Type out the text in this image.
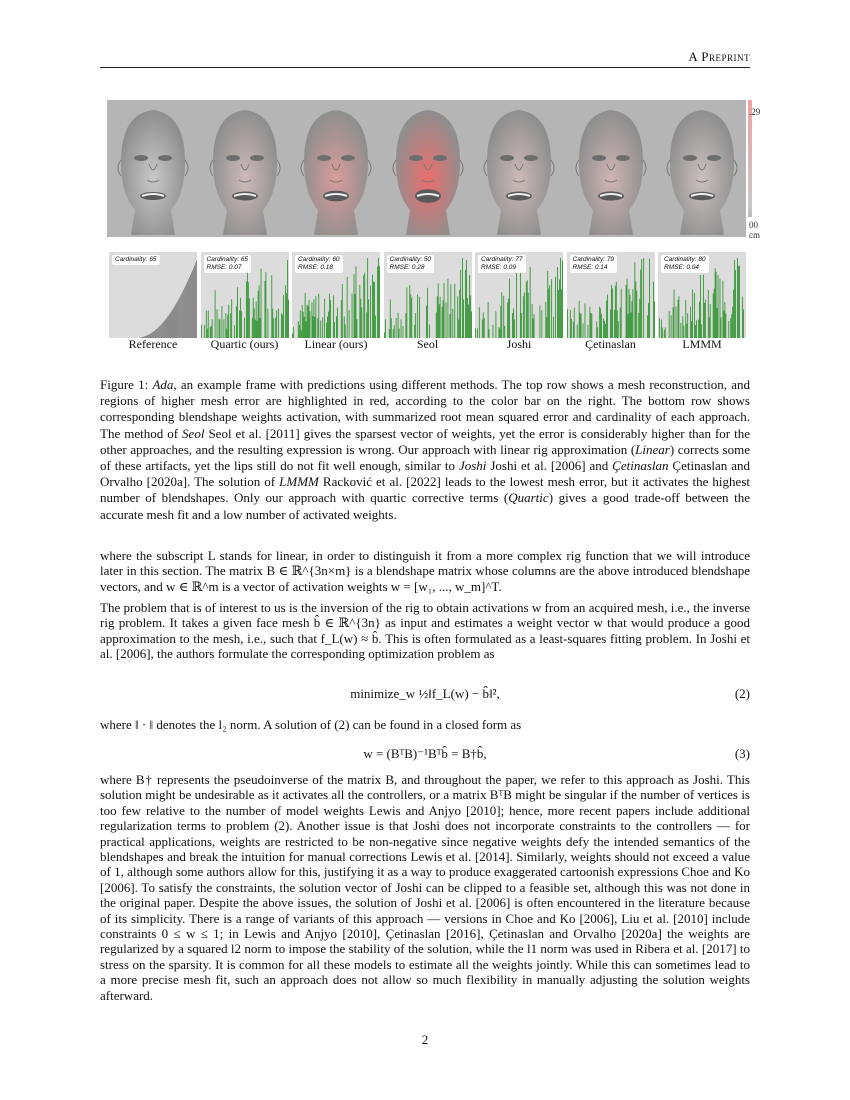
A Preprint
.29
00
cm
Cardinality: 65
Reference
Cardinality: 65
RMSE: 0.07
Quartic (ours)
Cardinality: 60
RMSE: 0.18
Linear (ours)
Cardinality: 50
RMSE: 0.28
Seol
Cardinality: 77
RMSE: 0.09
Joshi
Cardinality: 79
RMSE: 0.14
Çetinaslan
Cardinality: 80
RMSE: 0.04
LMMM
Figure 1: Ada, an example frame with predictions using different methods. The top row shows a mesh reconstruction, and regions of higher mesh error are highlighted in red, according to the color bar on the right. The bottom row shows corresponding blendshape weights activation, with summarized root mean squared error and cardinality of each approach. The method of Seol Seol et al. [2011] gives the sparsest vector of weights, yet the error is considerably higher than for the other approaches, and the resulting expression is wrong. Our approach with linear rig approximation (Linear) corrects some of these artifacts, yet the lips still do not fit well enough, similar to Joshi Joshi et al. [2006] and Çetinaslan Çetinaslan and Orvalho [2020a]. The solution of LMMM Racković et al. [2022] leads to the lowest mesh error, but it activates the highest number of blendshapes. Only our approach with quartic corrective terms (Quartic) gives a good trade-off between the accurate mesh fit and a low number of activated weights.
where the subscript L stands for linear, in order to distinguish it from a more complex rig function that we will introduce later in this section. The matrix B ∈ ℝ^{3n×m} is a blendshape matrix whose columns are the above introduced blendshape vectors, and w ∈ ℝ^m is a vector of activation weights w = [w₁, ..., w_m]^T.
The problem that is of interest to us is the inversion of the rig to obtain activations w from an acquired mesh, i.e., the inverse rig problem. It takes a given face mesh b̂ ∈ ℝ^{3n} as input and estimates a weight vector w that would produce a good approximation to the mesh, i.e., such that f_L(w) ≈ b̂. This is often formulated as a least-squares fitting problem. In Joshi et al. [2006], the authors formulate the corresponding optimization problem as
minimize_w ½‖f_L(w) − b̂‖²,	(2)
where ‖ · ‖ denotes the l₂ norm. A solution of (2) can be found in a closed form as
w = (BᵀB)⁻¹Bᵀb̂ = B†b̂,	(3)
where B† represents the pseudoinverse of the matrix B, and throughout the paper, we refer to this approach as Joshi. This solution might be undesirable as it activates all the controllers, or a matrix BᵀB might be singular if the number of vertices is too few relative to the number of model weights Lewis and Anjyo [2010]; hence, more recent papers include additional regularization terms to problem (2). Another issue is that Joshi does not incorporate constraints to the controllers — for practical applications, weights are restricted to be non-negative since negative weights defy the intended semantics of the blendshapes and break the intuition for manual corrections Lewis et al. [2014]. Similarly, weights should not exceed a value of 1, although some authors allow for this, justifying it as a way to produce exaggerated cartoonish expressions Choe and Ko [2006]. To satisfy the constraints, the solution vector of Joshi can be clipped to a feasible set, although this was not done in the original paper. Despite the above issues, the solution of Joshi et al. [2006] is often encountered in the literature because of its simplicity. There is a range of variants of this approach — versions in Choe and Ko [2006], Liu et al. [2010] include constraints 0 ≤ w ≤ 1; in Lewis and Anjyo [2010], Çetinaslan [2016], Çetinaslan and Orvalho [2020a] the weights are regularized by a squared l2 norm to impose the stability of the solution, while the l1 norm was used in Ribera et al. [2017] to stress on the sparsity. It is common for all these models to estimate all the weights jointly. While this can sometimes lead to a more precise mesh fit, such an approach does not allow so much flexibility in manually adjusting the solution weights afterward.
2
